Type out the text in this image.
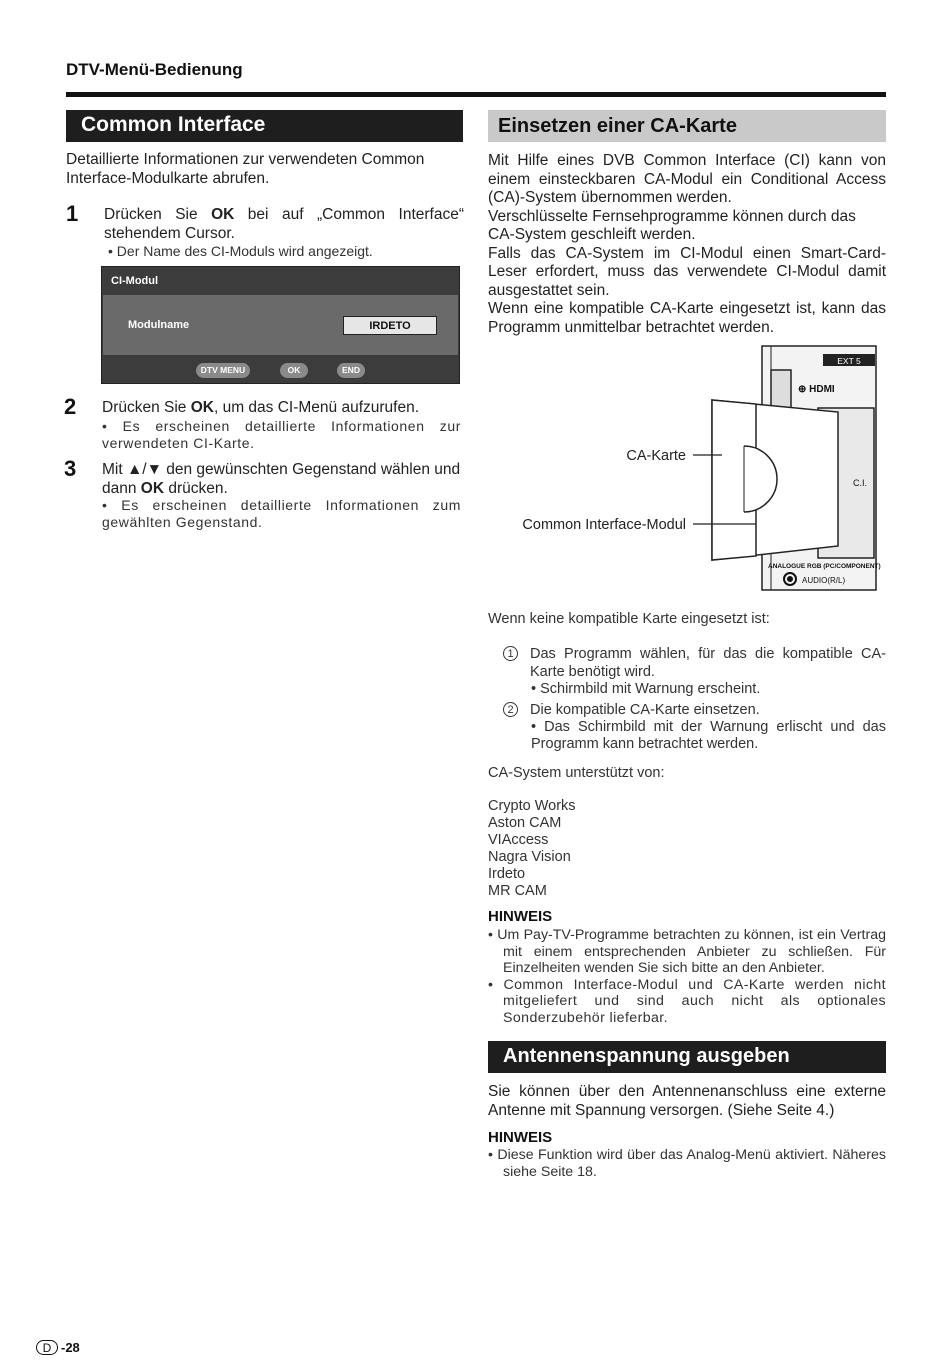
DTV-Menü-Bedienung
Common Interface
Detaillierte Informationen zur verwendeten Common Interface-Modulkarte abrufen.
1 Drücken Sie OK bei auf „Common Interface“ stehendem Cursor.
• Der Name des CI-Moduls wird angezeigt.
CI-Modul
Modulname	IRDETO
DTV MENU	OK	END
2 Drücken Sie OK, um das CI-Menü aufzurufen.
• Es erscheinen detaillierte Informationen zur verwendeten CI-Karte.
3 Mit ▲/▼ den gewünschten Gegenstand wählen und dann OK drücken.
• Es erscheinen detaillierte Informationen zum gewählten Gegenstand.
Einsetzen einer CA-Karte
Mit Hilfe eines DVB Common Interface (CI) kann von einem einsteckbaren CA-Modul ein Conditional Access (CA)-System übernommen werden.
Verschlüsselte Fernsehprogramme können durch das CA-System geschleift werden.
Falls das CA-System im CI-Modul einen Smart-Card-Leser erfordert, muss das verwendete CI-Modul damit ausgestattet sein.
Wenn eine kompatible CA-Karte eingesetzt ist, kann das Programm unmittelbar betrachtet werden.
EXT 5
⊕ HDMI
C.I.
ANALOGUE RGB (PC/COMPONENT)
AUDIO(R/L)
CA-Karte
Common Interface-Modul
Wenn keine kompatible Karte eingesetzt ist:
1	Das Programm wählen, für das die kompatible CA-Karte benötigt wird.
• Schirmbild mit Warnung erscheint.
2	Die kompatible CA-Karte einsetzen.
• Das Schirmbild mit der Warnung erlischt und das Programm kann betrachtet werden.
CA-System unterstützt von:
Crypto Works
Aston CAM
VIAccess
Nagra Vision
Irdeto
MR CAM
HINWEIS
• Um Pay-TV-Programme betrachten zu können, ist ein Vertrag mit einem entsprechenden Anbieter zu schließen. Für Einzelheiten wenden Sie sich bitte an den Anbieter.
• Common Interface-Modul und CA-Karte werden nicht mitgeliefert und sind auch nicht als optionales Sonderzubehör lieferbar.
Antennenspannung ausgeben
Sie können über den Antennenanschluss eine externe Antenne mit Spannung versorgen. (Siehe Seite 4.)
HINWEIS
• Diese Funktion wird über das Analog-Menü aktiviert. Näheres siehe Seite 18.
D -28
